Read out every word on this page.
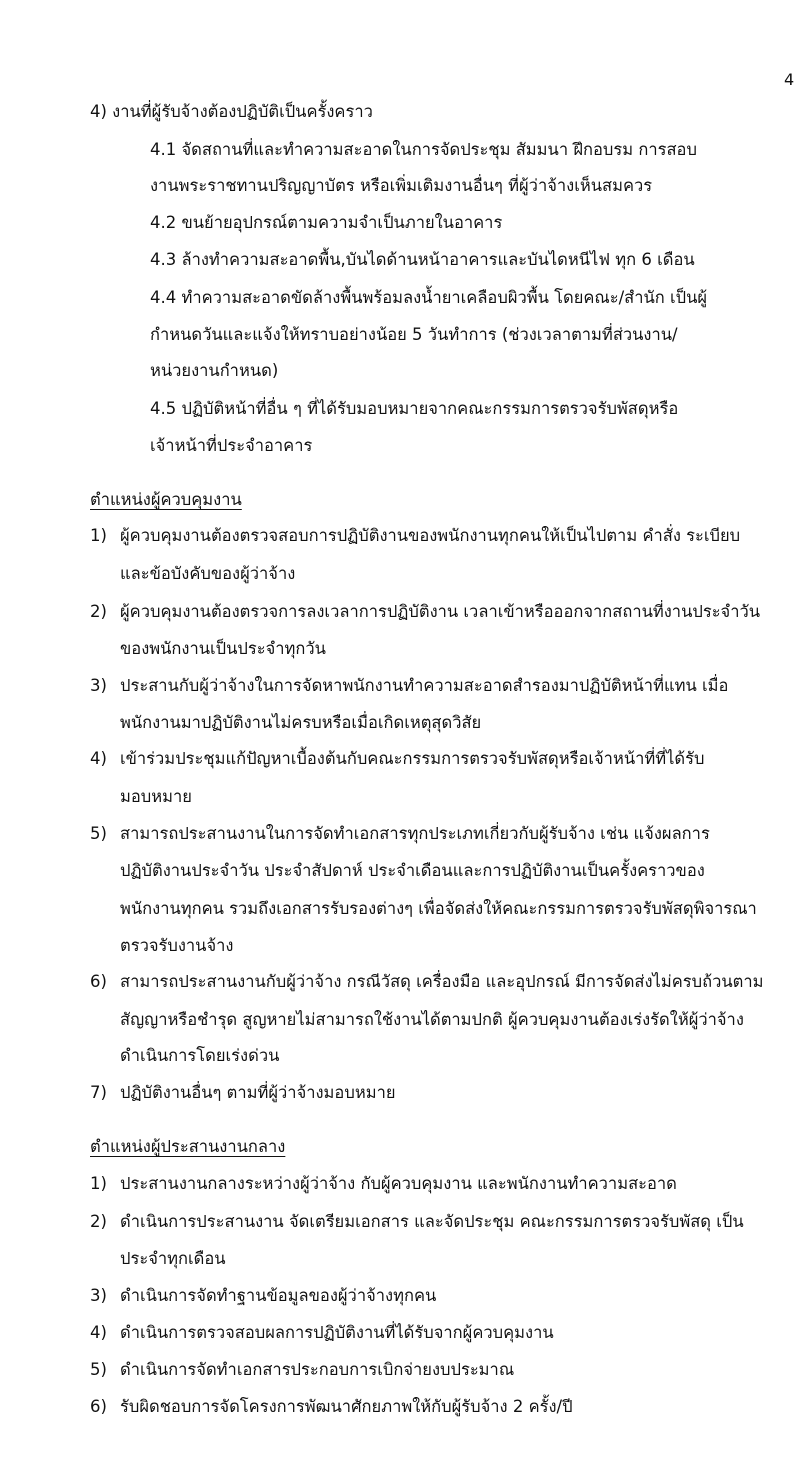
4
4) งานที่ผู้รับจ้างต้องปฏิบัติเป็นครั้งคราว
4.1 จัดสถานที่และทำความสะอาดในการจัดประชุม สัมมนา ฝึกอบรม การสอบ
งานพระราชทานปริญญาบัตร หรือเพิ่มเติมงานอื่นๆ ที่ผู้ว่าจ้างเห็นสมควร
4.2 ขนย้ายอุปกรณ์ตามความจำเป็นภายในอาคาร
4.3 ล้างทำความสะอาดพื้น,บันไดด้านหน้าอาคารและบันไดหนีไฟ ทุก 6 เดือน
4.4 ทำความสะอาดขัดล้างพื้นพร้อมลงน้ำยาเคลือบผิวพื้น โดยคณะ/สำนัก เป็นผู้
กำหนดวันและแจ้งให้ทราบอย่างน้อย 5 วันทำการ (ช่วงเวลาตามที่ส่วนงาน/
หน่วยงานกำหนด)
4.5 ปฏิบัติหน้าที่อื่น ๆ ที่ได้รับมอบหมายจากคณะกรรมการตรวจรับพัสดุหรือ
เจ้าหน้าที่ประจำอาคาร
ตำแหน่งผู้ควบคุมงาน
1) ผู้ควบคุมงานต้องตรวจสอบการปฏิบัติงานของพนักงานทุกคนให้เป็นไปตาม คำสั่ง ระเบียบ
และข้อบังคับของผู้ว่าจ้าง
2) ผู้ควบคุมงานต้องตรวจการลงเวลาการปฏิบัติงาน เวลาเข้าหรือออกจากสถานที่งานประจำวัน
ของพนักงานเป็นประจำทุกวัน
3) ประสานกับผู้ว่าจ้างในการจัดหาพนักงานทำความสะอาดสำรองมาปฏิบัติหน้าที่แทน เมื่อ
พนักงานมาปฏิบัติงานไม่ครบหรือเมื่อเกิดเหตุสุดวิสัย
4) เข้าร่วมประชุมแก้ปัญหาเบื้องต้นกับคณะกรรมการตรวจรับพัสดุหรือเจ้าหน้าที่ที่ได้รับ
มอบหมาย
5) สามารถประสานงานในการจัดทำเอกสารทุกประเภทเกี่ยวกับผู้รับจ้าง เช่น แจ้งผลการ
ปฏิบัติงานประจำวัน ประจำสัปดาห์ ประจำเดือนและการปฏิบัติงานเป็นครั้งคราวของ
พนักงานทุกคน รวมถึงเอกสารรับรองต่างๆ เพื่อจัดส่งให้คณะกรรมการตรวจรับพัสดุพิจารณา
ตรวจรับงานจ้าง
6) สามารถประสานงานกับผู้ว่าจ้าง กรณีวัสดุ เครื่องมือ และอุปกรณ์ มีการจัดส่งไม่ครบถ้วนตาม
สัญญาหรือชำรุด สูญหายไม่สามารถใช้งานได้ตามปกติ ผู้ควบคุมงานต้องเร่งรัดให้ผู้ว่าจ้าง
ดำเนินการโดยเร่งด่วน
7) ปฏิบัติงานอื่นๆ ตามที่ผู้ว่าจ้างมอบหมาย
ตำแหน่งผู้ประสานงานกลาง
1) ประสานงานกลางระหว่างผู้ว่าจ้าง กับผู้ควบคุมงาน และพนักงานทำความสะอาด
2) ดำเนินการประสานงาน จัดเตรียมเอกสาร และจัดประชุม คณะกรรมการตรวจรับพัสดุ เป็น
ประจำทุกเดือน
3) ดำเนินการจัดทำฐานข้อมูลของผู้ว่าจ้างทุกคน
4) ดำเนินการตรวจสอบผลการปฏิบัติงานที่ได้รับจากผู้ควบคุมงาน
5) ดำเนินการจัดทำเอกสารประกอบการเบิกจ่ายงบประมาณ
6) รับผิดชอบการจัดโครงการพัฒนาศักยภาพให้กับผู้รับจ้าง 2 ครั้ง/ปี
